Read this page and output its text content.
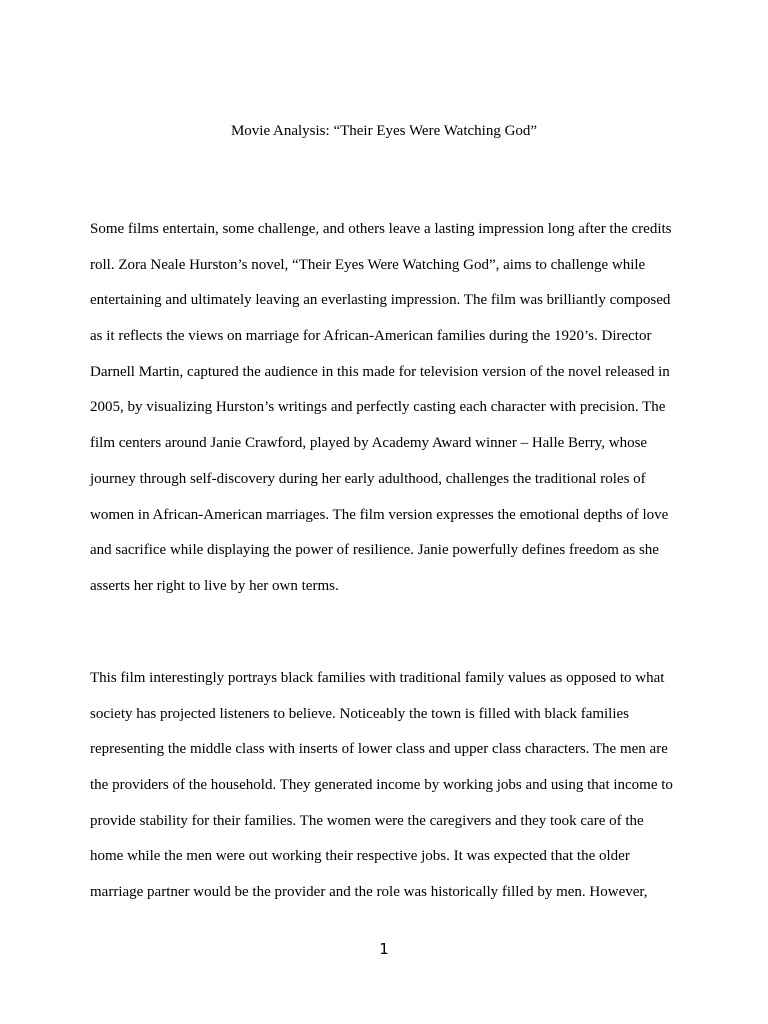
Movie Analysis: “Their Eyes Were Watching God”
Some films entertain, some challenge, and others leave a lasting impression long after the credits
roll. Zora Neale Hurston’s novel, “Their Eyes Were Watching God”, aims to challenge while
entertaining and ultimately leaving an everlasting impression. The film was brilliantly composed
as it reflects the views on marriage for African-American families during the 1920’s. Director
Darnell Martin, captured the audience in this made for television version of the novel released in
2005, by visualizing Hurston’s writings and perfectly casting each character with precision. The
film centers around Janie Crawford, played by Academy Award winner – Halle Berry, whose
journey through self-discovery during her early adulthood, challenges the traditional roles of
women in African-American marriages. The film version expresses the emotional depths of love
and sacrifice while displaying the power of resilience. Janie powerfully defines freedom as she
asserts her right to live by her own terms.
This film interestingly portrays black families with traditional family values as opposed to what
society has projected listeners to believe. Noticeably the town is filled with black families
representing the middle class with inserts of lower class and upper class characters. The men are
the providers of the household. They generated income by working jobs and using that income to
provide stability for their families. The women were the caregivers and they took care of the
home while the men were out working their respective jobs. It was expected that the older
marriage partner would be the provider and the role was historically filled by men. However,
1
